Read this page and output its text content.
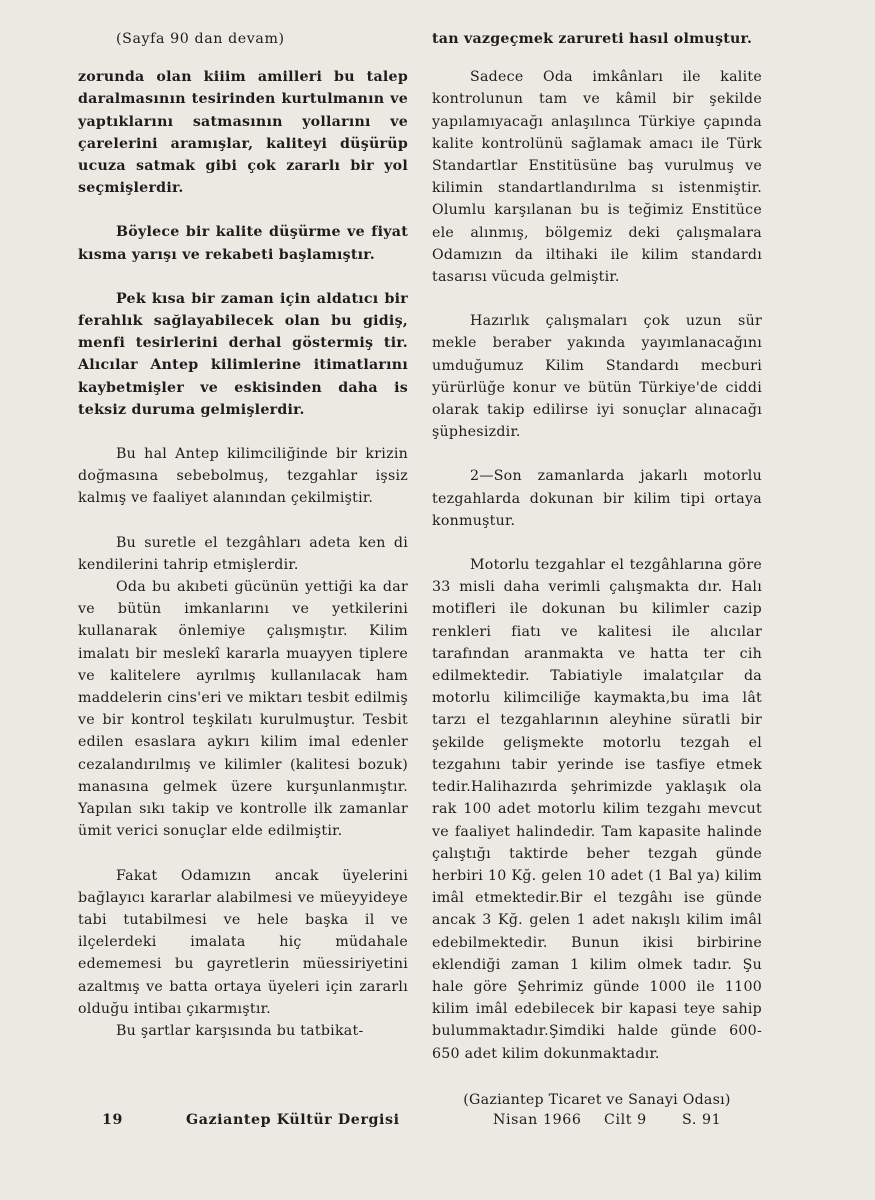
(Sayfa 90 dan devam)

zorunda olan kiiim amilleri bu talep daralmasının tesirinden kurtulmanın ve yaptıklarını satmasının yollarını ve çarelerini aramışlar, kaliteyi düşürüp ucuza satmak gibi çok zararlı bir yol seçmişlerdir.

Böylece bir kalite düşürme ve fiyat kısma yarışı ve rekabeti başlamıştır.

Pek kısa bir zaman için aldatıcı bir ferahlık sağlayabilecek olan bu gidiş, menfi tesirlerini derhal göstermiş tir. Alıcılar Antep kilimlerine itimatlarını kaybetmişler ve eskisinden daha is teksiz duruma gelmişlerdir.

Bu hal Antep kilimciliğinde bir krizin doğmasına sebebolmuş, tezgahlar işsiz kalmış ve faaliyet alanından çekilmiştir.

Bu suretle el tezgâhları adeta ken di kendilerini tahrip etmişlerdir.

Oda bu akıbeti gücünün yettiği ka dar ve bütün imkanlarını ve yetkilerini kullanarak önlemiye çalışmıştır. Kilim imalatı bir meslekî kararla muayyen tiplere ve kalitelere ayrılmış kullanılacak ham maddelerin cins'eri ve miktarı tesbit edilmiş ve bir kontrol teşkilatı kurulmuştur. Tesbit edilen esaslara aykırı kilim imal edenler cezalandırılmış ve kilimler (kalitesi bozuk) manasına gelmek üzere kurşunlanmıştır. Yapılan sıkı takip ve kontrolle ilk zamanlar ümit verici sonuçlar elde edilmiştir.

Fakat Odamızın ancak üyelerini bağlayıcı kararlar alabilmesi ve müeyyideye tabi tutabilmesi ve hele başka il ve ilçelerdeki imalata hiç müdahale edememesi bu gayretlerin müessiriyetini azaltmış ve batta ortaya üyeleri için zararlı olduğu intibaı çıkarmıştır.

Bu şartlar karşısında bu tatbikat-

tan vazgeçmek zarureti hasıl olmuştur.

Sadece Oda imkânları ile kalite kontrolunun tam ve kâmil bir şekilde yapılamıyacağı anlaşılınca Türkiye çapında kalite kontrolünü sağlamak amacı ile Türk Standartlar Enstitüsüne baş vurulmuş ve kilimin standartlandırılma sı istenmiştir. Olumlu karşılanan bu is teğimiz Enstitüce ele alınmış, bölgemiz deki çalışmalara Odamızın da iltihaki ile kilim standardı tasarısı vücuda gelmiştir.

Hazırlık çalışmaları çok uzun sür mekle beraber yakında yayımlanacağını umduğumuz Kilim Standardı mecburi yürürlüğe konur ve bütün Türkiye'de ciddi olarak takip edilirse iyi sonuçlar alınacağı şüphesizdir.

2—Son zamanlarda jakarlı motorlu tezgahlarda dokunan bir kilim tipi ortaya konmuştur.

Motorlu tezgahlar el tezgâhlarına göre 33 misli daha verimli çalışmakta dır. Halı motifleri ile dokunan bu kilimler cazip renkleri fiatı ve kalitesi ile alıcılar tarafından aranmakta ve hatta ter cih edilmektedir. Tabiatiyle imalatçılar da motorlu kilimciliğe kaymakta,bu ima lât tarzı el tezgahlarının aleyhine süratli bir şekilde gelişmekte motorlu tezgah el tezgahını tabir yerinde ise tasfiye etmek tedir.Halihazırda şehrimizde yaklaşık ola rak 100 adet motorlu kilim tezgahı mevcut ve faaliyet halindedir. Tam kapasite halinde çalıştığı taktirde beher tezgah günde herbiri 10 Kğ. gelen 10 adet (1 Bal ya) kilim imâl etmektedir.Bir el tezgâhı ise günde ancak 3 Kğ. gelen 1 adet nakışlı kilim imâl edebilmektedir. Bunun ikisi birbirine eklendiği zaman 1 kilim olmek tadır. Şu hale göre Şehrimiz günde 1000 ile 1100 kilim imâl edebilecek bir kapasi teye sahip bulummaktadır.Şimdiki halde günde 600-650 adet kilim dokunmaktadır.

(Gaziantep Ticaret ve Sanayi Odası)

19	Gaziantep Kültür Dergisi	Nisan 1966 Cilt 9 S. 91
